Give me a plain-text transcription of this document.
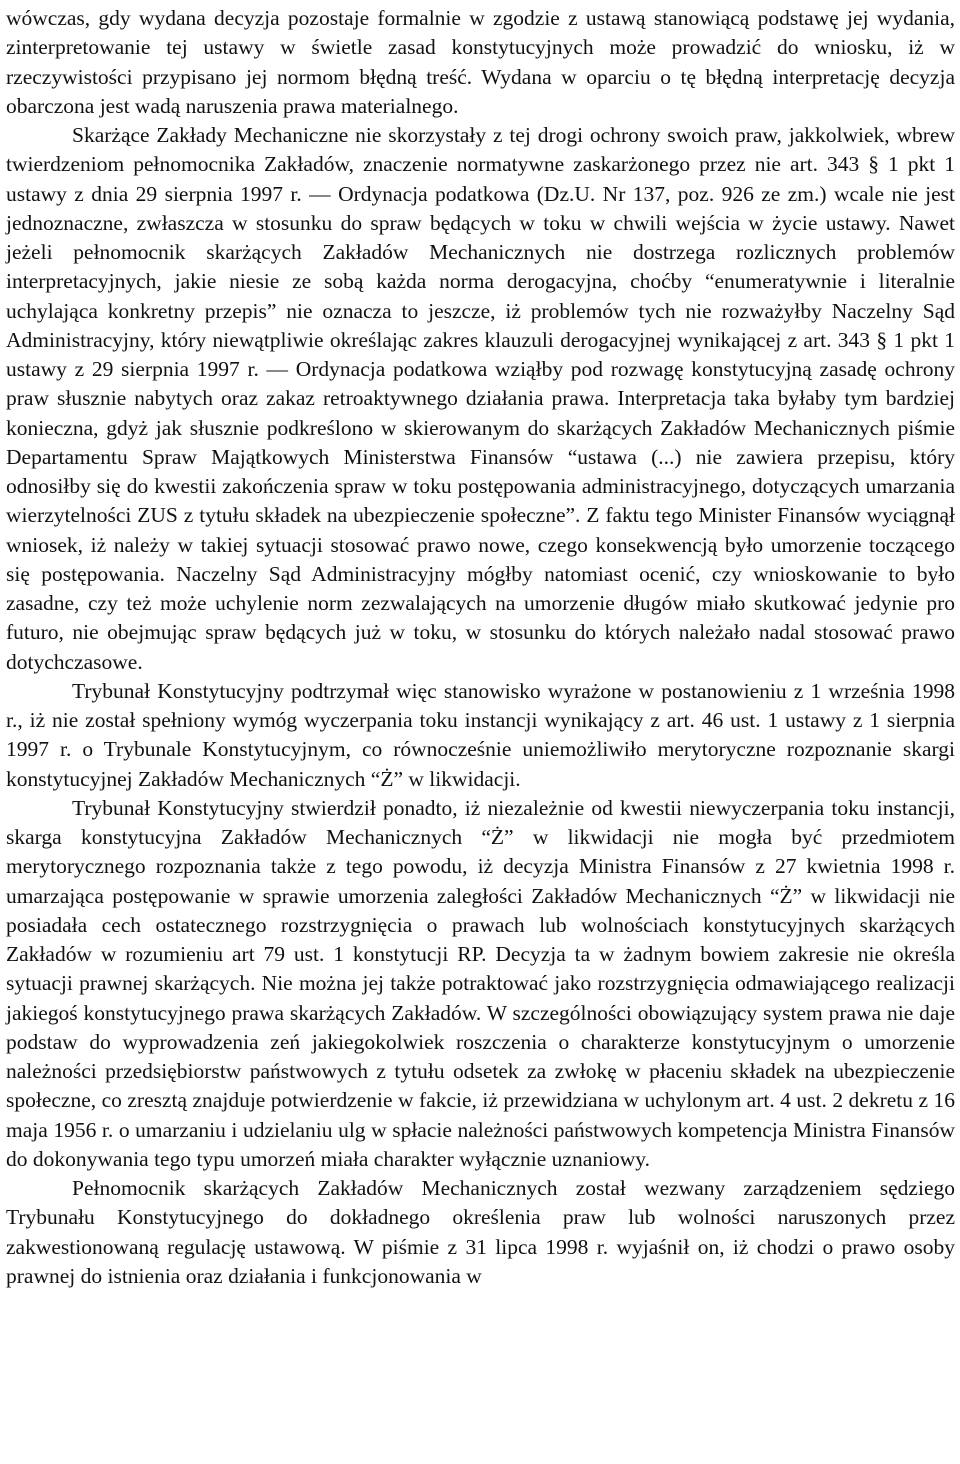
wówczas, gdy wydana decyzja pozostaje formalnie w zgodzie z ustawą stanowiącą podstawę jej wydania, zinterpretowanie tej ustawy w świetle zasad konstytucyjnych może prowadzić do wniosku, iż w rzeczywistości przypisano jej normom błędną treść. Wydana w oparciu o tę błędną interpretację decyzja obarczona jest wadą naruszenia prawa materialnego.

Skarżące Zakłady Mechaniczne nie skorzystały z tej drogi ochrony swoich praw, jakkolwiek, wbrew twierdzeniom pełnomocnika Zakładów, znaczenie normatywne zaskarżonego przez nie art. 343 § 1 pkt 1 ustawy z dnia 29 sierpnia 1997 r. — Ordynacja podatkowa (Dz.U. Nr 137, poz. 926 ze zm.) wcale nie jest jednoznaczne, zwłaszcza w stosunku do spraw będących w toku w chwili wejścia w życie ustawy. Nawet jeżeli pełnomocnik skarżących Zakładów Mechanicznych nie dostrzega rozlicznych problemów interpretacyjnych, jakie niesie ze sobą każda norma derogacyjna, choćby “enumeratywnie i literalnie uchylająca konkretny przepis” nie oznacza to jeszcze, iż problemów tych nie rozważyłby Naczelny Sąd Administracyjny, który niewątpliwie określając zakres klauzuli derogacyjnej wynikającej z art. 343 § 1 pkt 1 ustawy z 29 sierpnia 1997 r. — Ordynacja podatkowa wziąłby pod rozwagę konstytucyjną zasadę ochrony praw słusznie nabytych oraz zakaz retroaktywnego działania prawa. Interpretacja taka byłaby tym bardziej konieczna, gdyż jak słusznie podkreślono w skierowanym do skarżących Zakładów Mechanicznych piśmie Departamentu Spraw Majątkowych Ministerstwa Finansów “ustawa (...) nie zawiera przepisu, który odnosiłby się do kwestii zakończenia spraw w toku postępowania administracyjnego, dotyczących umarzania wierzytelności ZUS z tytułu składek na ubezpieczenie społeczne”. Z faktu tego Minister Finansów wyciągnął wniosek, iż należy w takiej sytuacji stosować prawo nowe, czego konsekwencją było umorzenie toczącego się postępowania. Naczelny Sąd Administracyjny mógłby natomiast ocenić, czy wnioskowanie to było zasadne, czy też może uchylenie norm zezwalających na umorzenie długów miało skutkować jedynie pro futuro, nie obejmując spraw będących już w toku, w stosunku do których należało nadal stosować prawo dotychczasowe.

Trybunał Konstytucyjny podtrzymał więc stanowisko wyrażone w postanowieniu z 1 września 1998 r., iż nie został spełniony wymóg wyczerpania toku instancji wynikający z art. 46 ust. 1 ustawy z 1 sierpnia 1997 r. o Trybunale Konstytucyjnym, co równocześnie uniemożliwiło merytoryczne rozpoznanie skargi konstytucyjnej Zakładów Mechanicznych “Ż” w likwidacji.

Trybunał Konstytucyjny stwierdził ponadto, iż niezależnie od kwestii niewyczerpania toku instancji, skarga konstytucyjna Zakładów Mechanicznych “Ż” w likwidacji nie mogła być przedmiotem merytorycznego rozpoznania także z tego powodu, iż decyzja Ministra Finansów z 27 kwietnia 1998 r. umarzająca postępowanie w sprawie umorzenia zaległości Zakładów Mechanicznych “Ż” w likwidacji nie posiadała cech ostatecznego rozstrzygnięcia o prawach lub wolnościach konstytucyjnych skarżących Zakładów w rozumieniu art 79 ust. 1 konstytucji RP. Decyzja ta w żadnym bowiem zakresie nie określa sytuacji prawnej skarżących. Nie można jej także potraktować jako rozstrzygnięcia odmawiającego realizacji jakiegoś konstytucyjnego prawa skarżących Zakładów. W szczególności obowiązujący system prawa nie daje podstaw do wyprowadzenia zeń jakiegokolwiek roszczenia o charakterze konstytucyjnym o umorzenie należności przedsiębiorstw państwowych z tytułu odsetek za zwłokę w płaceniu składek na ubezpieczenie społeczne, co zresztą znajduje potwierdzenie w fakcie, iż przewidziana w uchylonym art. 4 ust. 2 dekretu z 16 maja 1956 r. o umarzaniu i udzielaniu ulg w spłacie należności państwowych kompetencja Ministra Finansów do dokonywania tego typu umorzeń miała charakter wyłącznie uznaniowy.

Pełnomocnik skarżących Zakładów Mechanicznych został wezwany zarządzeniem sędziego Trybunału Konstytucyjnego do dokładnego określenia praw lub wolności naruszonych przez zakwestionowaną regulację ustawową. W piśmie z 31 lipca 1998 r. wyjaśnił on, iż chodzi o prawo osoby prawnej do istnienia oraz działania i funkcjonowania w
